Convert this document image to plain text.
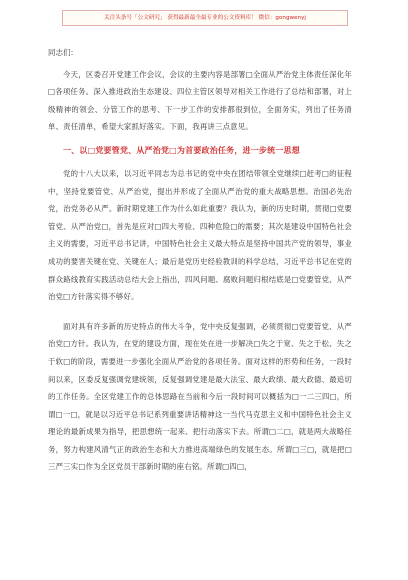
关注头条号「公文研究」 获得最新最全最专业的公文资料库！ 微信：gongwenyj

同志们:

今天，区委召开党建工作会议，会议的主要内容是部署□全面从严治党主体责任深化年□各项任务。深入推进政治生态建设、四位主管区领导对相关工作进行了总结和部署，对上级精神的领会、分管工作的思考、下一步工作的安排都很到位，全面务实，列出了任务清单、责任清单，希望大家抓好落实。下面，我再讲三点意见。

一、以□党要管党、从严治党□为首要政治任务，进一步统一思想

党的十八大以来，以习近平同志为总书记的党中央在团结带领全党继续□赶考□的征程中，坚持党要管党、从严治党，提出并形成了全面从严治党的重大战略思想。治国必先治党，治党务必从严。新时期党建工作为什么如此重要？我认为，新的历史时期，贯彻□党要管党、从严治党□，首先是应对□四大考验、四种危险□的需要；其次是建设中国特色社会主义的需要，习近平总书记讲，中国特色社会主义最大特点是坚持中国共产党的领导，事业成功的要害关键在党、关键在人；最后是党历史经验教训的科学总结，习近平总书记在党的群众路线教育实践活动总结大会上指出，四风问题、腐败问题归根结底是□党要管党、从严治党□方针落实得不够好。

面对具有许多新的历史特点的伟大斗争，党中央反复强调，必须贯彻□党要管党、从严治党□方针。我认为，在党的建设方面，现在处在进一步解决□失之于宽、失之于松、失之于软□的阶段，需要进一步强化全面从严治党的各项任务。面对这样的形势和任务，一段时间以来，区委反复强调党建统领，反复强调党建是最大法宝、最大政绩、最大政德、最追切的工作任务。全区党建工作的总体思路在当前和今后一段时间可以概括为□一二三四□，所谓□一□，就是以习近平总书记系列重要讲话精神这一当代马克思主义和中国特色社会主义理论的最新成果为指导，把思想统一起来、把行动落实下去。所谓□二□，就是两大战略任务，努力构建风清气正的政治生态和大力推进高端绿色的发展生态。所谓□三□，就是把□三严三实□作为全区党员干部新时期的座右铭。所谓□四□，
